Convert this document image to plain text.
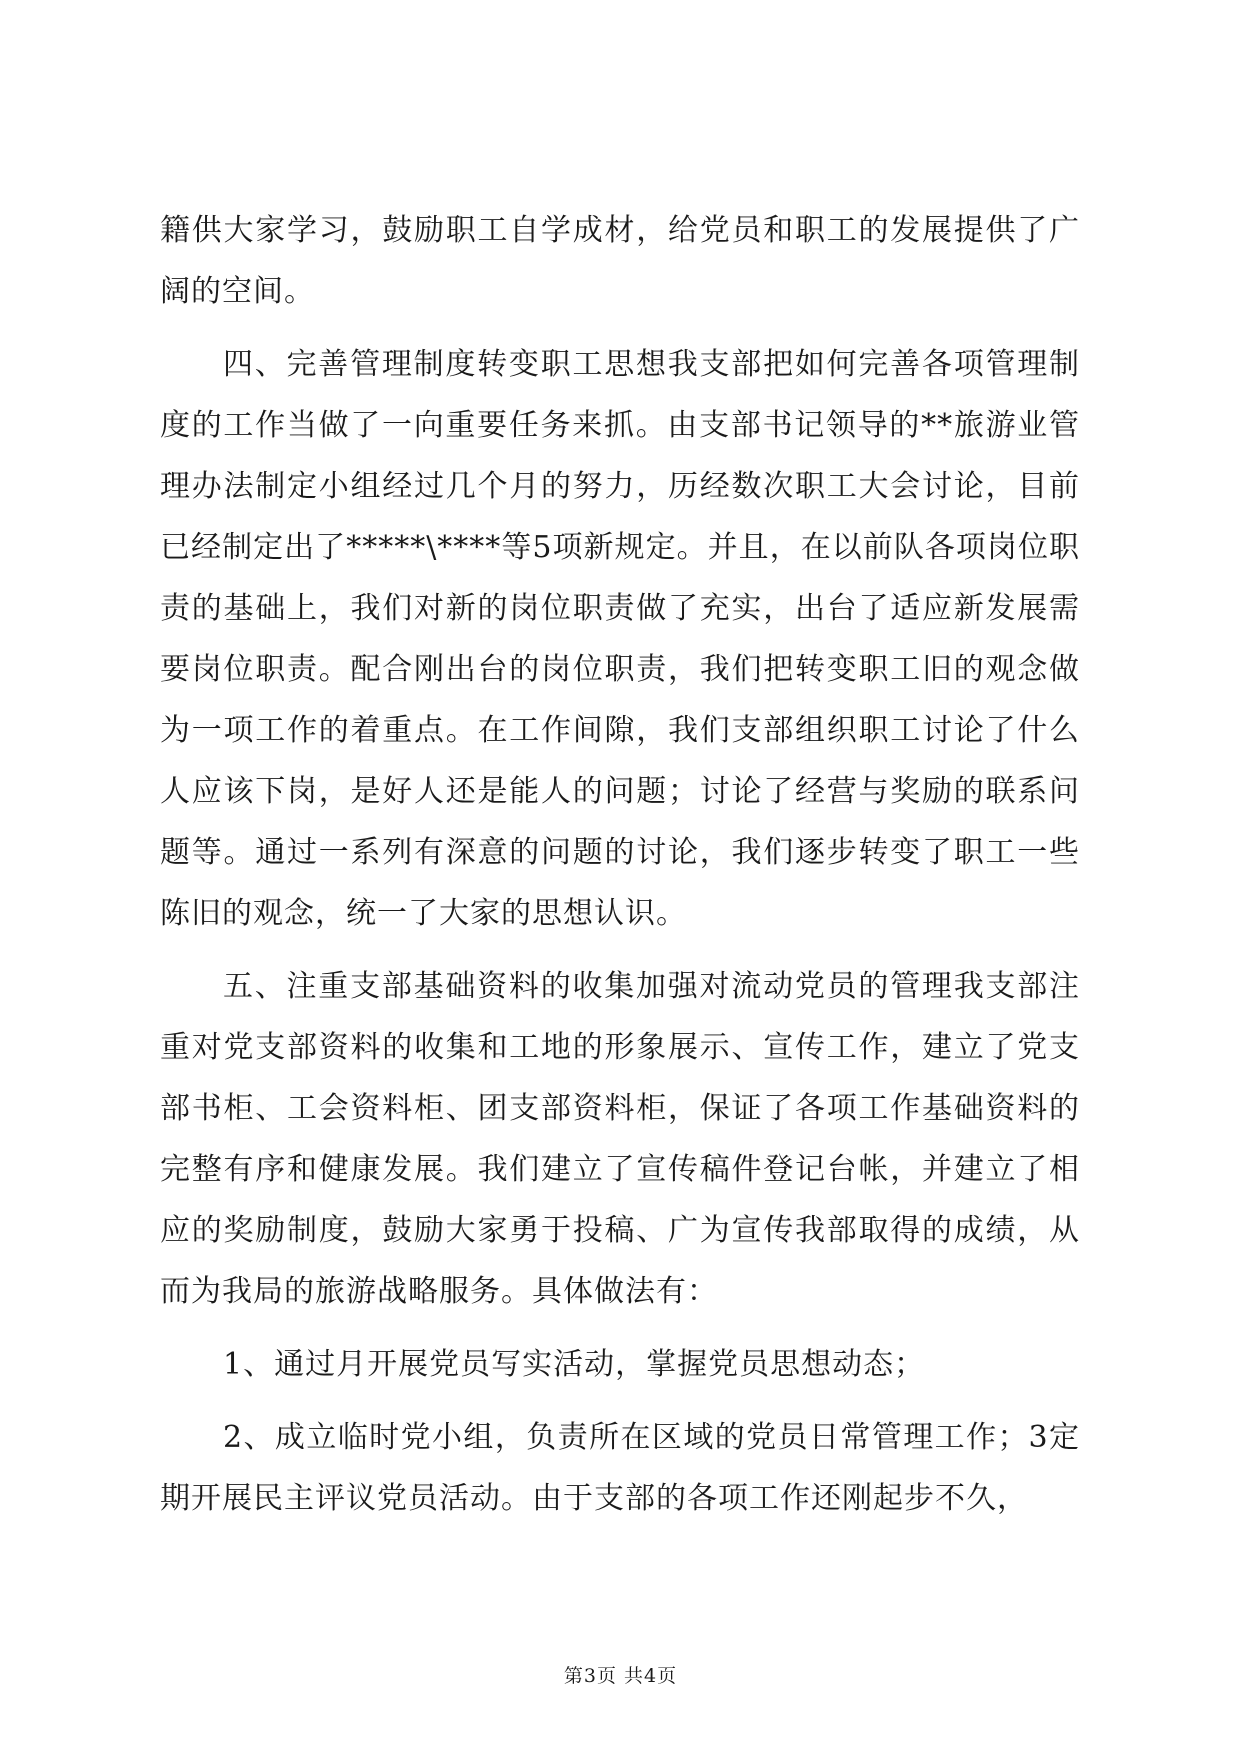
籍供大家学习，鼓励职工自学成材，给党员和职工的发展提供了广阔的空间。

四、完善管理制度转变职工思想我支部把如何完善各项管理制度的工作当做了一向重要任务来抓。由支部书记领导的**旅游业管理办法制定小组经过几个月的努力，历经数次职工大会讨论，目前已经制定出了*****\****等5项新规定。并且，在以前队各项岗位职责的基础上，我们对新的岗位职责做了充实，出台了适应新发展需要岗位职责。配合刚出台的岗位职责，我们把转变职工旧的观念做为一项工作的着重点。在工作间隙，我们支部组织职工讨论了什么人应该下岗，是好人还是能人的问题；讨论了经营与奖励的联系问题等。通过一系列有深意的问题的讨论，我们逐步转变了职工一些陈旧的观念，统一了大家的思想认识。

五、注重支部基础资料的收集加强对流动党员的管理我支部注重对党支部资料的收集和工地的形象展示、宣传工作，建立了党支部书柜、工会资料柜、团支部资料柜，保证了各项工作基础资料的完整有序和健康发展。我们建立了宣传稿件登记台帐，并建立了相应的奖励制度，鼓励大家勇于投稿、广为宣传我部取得的成绩，从而为我局的旅游战略服务。具体做法有：

1、通过月开展党员写实活动，掌握党员思想动态；

2、成立临时党小组，负责所在区域的党员日常管理工作；3定期开展民主评议党员活动。由于支部的各项工作还刚起步不久，

第3页 共4页
